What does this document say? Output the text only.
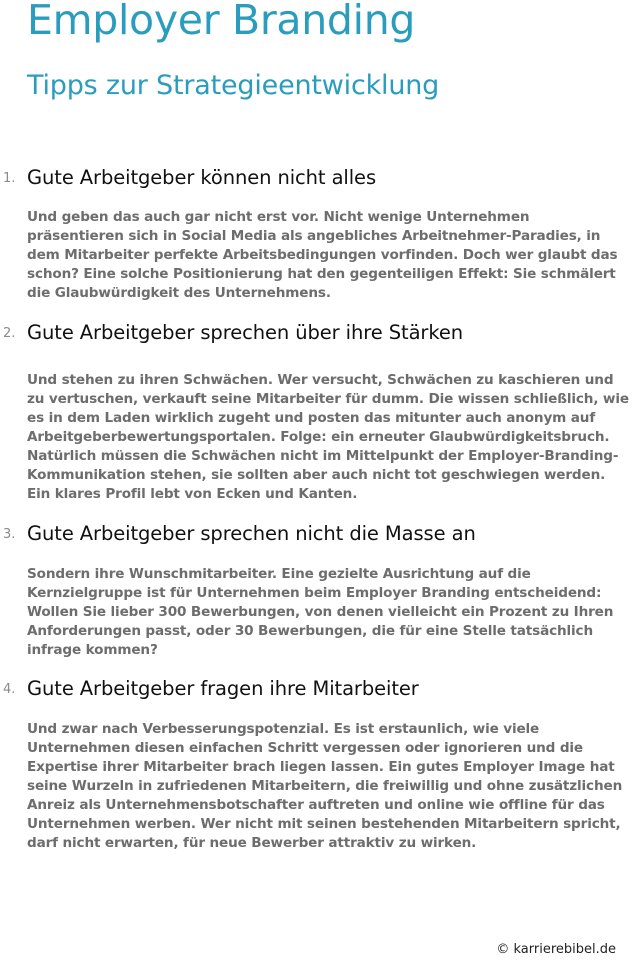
Employer Branding
Tipps zur Strategieentwicklung
1. Gute Arbeitgeber können nicht alles

Und geben das auch gar nicht erst vor. Nicht wenige Unternehmen präsentieren sich in Social Media als angebliches Arbeitnehmer-Paradies, in dem Mitarbeiter perfekte Arbeitsbedingungen vorfinden. Doch wer glaubt das schon? Eine solche Positionierung hat den gegenteiligen Effekt: Sie schmälert die Glaubwürdigkeit des Unternehmens.

2. Gute Arbeitgeber sprechen über ihre Stärken

Und stehen zu ihren Schwächen. Wer versucht, Schwächen zu kaschieren und zu vertuschen, verkauft seine Mitarbeiter für dumm. Die wissen schließlich, wie es in dem Laden wirklich zugeht und posten das mitunter auch anonym auf Arbeitgeberbewertungsportalen. Folge: ein erneuter Glaubwürdigkeitsbruch. Natürlich müssen die Schwächen nicht im Mittelpunkt der Employer-Branding-Kommunikation stehen, sie sollten aber auch nicht tot geschwiegen werden. Ein klares Profil lebt von Ecken und Kanten.

3. Gute Arbeitgeber sprechen nicht die Masse an

Sondern ihre Wunschmitarbeiter. Eine gezielte Ausrichtung auf die Kernzielgruppe ist für Unternehmen beim Employer Branding entscheidend: Wollen Sie lieber 300 Bewerbungen, von denen vielleicht ein Prozent zu Ihren Anforderungen passt, oder 30 Bewerbungen, die für eine Stelle tatsächlich infrage kommen?

4. Gute Arbeitgeber fragen ihre Mitarbeiter

Und zwar nach Verbesserungspotenzial. Es ist erstaunlich, wie viele Unternehmen diesen einfachen Schritt vergessen oder ignorieren und die Expertise ihrer Mitarbeiter brach liegen lassen. Ein gutes Employer Image hat seine Wurzeln in zufriedenen Mitarbeitern, die freiwillig und ohne zusätzlichen Anreiz als Unternehmensbotschafter auftreten und online wie offline für das Unternehmen werben. Wer nicht mit seinen bestehenden Mitarbeitern spricht, darf nicht erwarten, für neue Bewerber attraktiv zu wirken.

© karrierebibel.de
